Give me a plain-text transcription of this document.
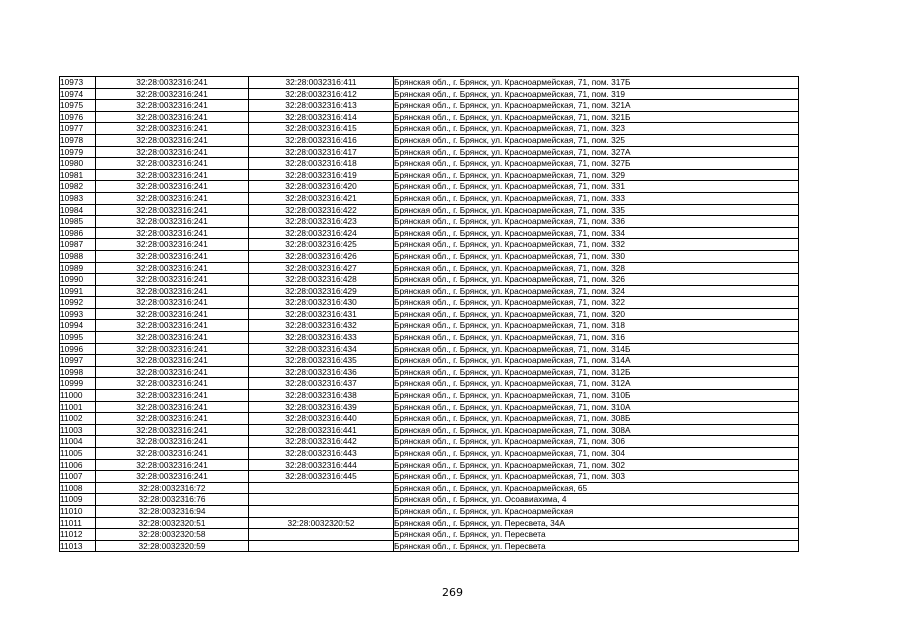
10973	32:28:0032316:241	32:28:0032316:411	Брянская обл., г. Брянск, ул. Красноармейская, 71, пом. 317Б
10974	32:28:0032316:241	32:28:0032316:412	Брянская обл., г. Брянск, ул. Красноармейская, 71, пом. 319
10975	32:28:0032316:241	32:28:0032316:413	Брянская обл., г. Брянск, ул. Красноармейская, 71, пом. 321А
10976	32:28:0032316:241	32:28:0032316:414	Брянская обл., г. Брянск, ул. Красноармейская, 71, пом. 321Б
10977	32:28:0032316:241	32:28:0032316:415	Брянская обл., г. Брянск, ул. Красноармейская, 71, пом. 323
10978	32:28:0032316:241	32:28:0032316:416	Брянская обл., г. Брянск, ул. Красноармейская, 71, пом. 325
10979	32:28:0032316:241	32:28:0032316:417	Брянская обл., г. Брянск, ул. Красноармейская, 71, пом. 327А
10980	32:28:0032316:241	32:28:0032316:418	Брянская обл., г. Брянск, ул. Красноармейская, 71, пом. 327Б
10981	32:28:0032316:241	32:28:0032316:419	Брянская обл., г. Брянск, ул. Красноармейская, 71, пом. 329
10982	32:28:0032316:241	32:28:0032316:420	Брянская обл., г. Брянск, ул. Красноармейская, 71, пом. 331
10983	32:28:0032316:241	32:28:0032316:421	Брянская обл., г. Брянск, ул. Красноармейская, 71, пом. 333
10984	32:28:0032316:241	32:28:0032316:422	Брянская обл., г. Брянск, ул. Красноармейская, 71, пом. 335
10985	32:28:0032316:241	32:28:0032316:423	Брянская обл., г. Брянск, ул. Красноармейская, 71, пом. 336
10986	32:28:0032316:241	32:28:0032316:424	Брянская обл., г. Брянск, ул. Красноармейская, 71, пом. 334
10987	32:28:0032316:241	32:28:0032316:425	Брянская обл., г. Брянск, ул. Красноармейская, 71, пом. 332
10988	32:28:0032316:241	32:28:0032316:426	Брянская обл., г. Брянск, ул. Красноармейская, 71, пом. 330
10989	32:28:0032316:241	32:28:0032316:427	Брянская обл., г. Брянск, ул. Красноармейская, 71, пом. 328
10990	32:28:0032316:241	32:28:0032316:428	Брянская обл., г. Брянск, ул. Красноармейская, 71, пом. 326
10991	32:28:0032316:241	32:28:0032316:429	Брянская обл., г. Брянск, ул. Красноармейская, 71, пом. 324
10992	32:28:0032316:241	32:28:0032316:430	Брянская обл., г. Брянск, ул. Красноармейская, 71, пом. 322
10993	32:28:0032316:241	32:28:0032316:431	Брянская обл., г. Брянск, ул. Красноармейская, 71, пом. 320
10994	32:28:0032316:241	32:28:0032316:432	Брянская обл., г. Брянск, ул. Красноармейская, 71, пом. 318
10995	32:28:0032316:241	32:28:0032316:433	Брянская обл., г. Брянск, ул. Красноармейская, 71, пом. 316
10996	32:28:0032316:241	32:28:0032316:434	Брянская обл., г. Брянск, ул. Красноармейская, 71, пом. 314Б
10997	32:28:0032316:241	32:28:0032316:435	Брянская обл., г. Брянск, ул. Красноармейская, 71, пом. 314А
10998	32:28:0032316:241	32:28:0032316:436	Брянская обл., г. Брянск, ул. Красноармейская, 71, пом. 312Б
10999	32:28:0032316:241	32:28:0032316:437	Брянская обл., г. Брянск, ул. Красноармейская, 71, пом. 312А
11000	32:28:0032316:241	32:28:0032316:438	Брянская обл., г. Брянск, ул. Красноармейская, 71, пом. 310Б
11001	32:28:0032316:241	32:28:0032316:439	Брянская обл., г. Брянск, ул. Красноармейская, 71, пом. 310А
11002	32:28:0032316:241	32:28:0032316:440	Брянская обл., г. Брянск, ул. Красноармейская, 71, пом. 308Б
11003	32:28:0032316:241	32:28:0032316:441	Брянская обл., г. Брянск, ул. Красноармейская, 71, пом. 308А
11004	32:28:0032316:241	32:28:0032316:442	Брянская обл., г. Брянск, ул. Красноармейская, 71, пом. 306
11005	32:28:0032316:241	32:28:0032316:443	Брянская обл., г. Брянск, ул. Красноармейская, 71, пом. 304
11006	32:28:0032316:241	32:28:0032316:444	Брянская обл., г. Брянск, ул. Красноармейская, 71, пом. 302
11007	32:28:0032316:241	32:28:0032316:445	Брянская обл., г. Брянск, ул. Красноармейская, 71, пом. 303
11008	32:28:0032316:72		Брянская обл., г. Брянск, ул. Красноармейская, 65
11009	32:28:0032316:76		Брянская обл., г. Брянск, ул. Осоавиахима, 4
11010	32:28:0032316:94		Брянская обл., г. Брянск, ул. Красноармейская
11011	32:28:0032320:51	32:28:0032320:52	Брянская обл., г. Брянск, ул. Пересвета, 34А
11012	32:28:0032320:58		Брянская обл., г. Брянск, ул. Пересвета
11013	32:28:0032320:59		Брянская обл., г. Брянск, ул. Пересвета
269
